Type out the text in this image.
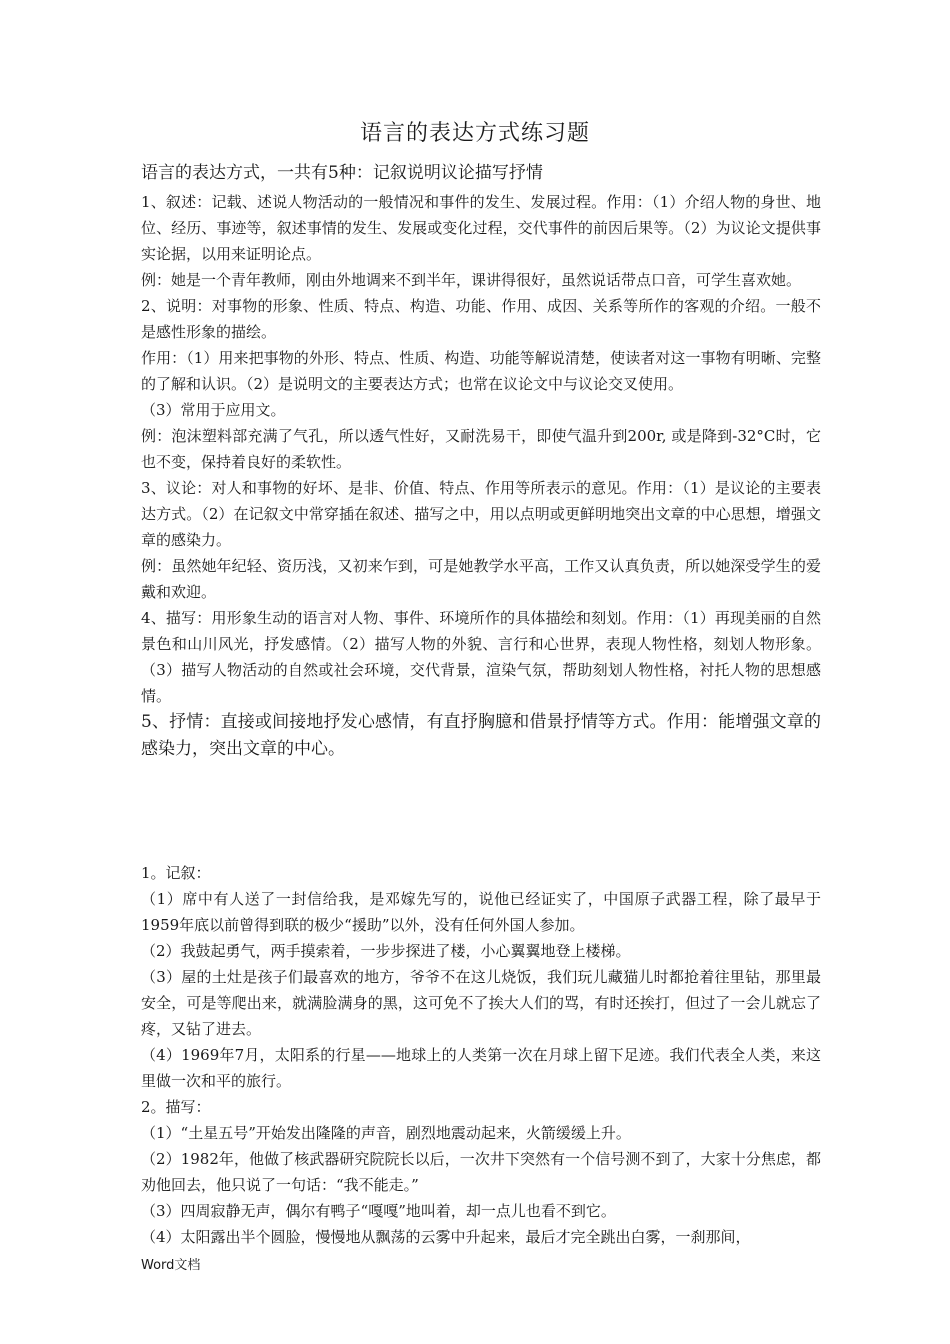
语言的表达方式练习题

语言的表达方式，一共有5种：记叙说明议论描写抒情

1、叙述：记载、述说人物活动的一般情况和事件的发生、发展过程。作用：（1）介绍人物的身世、地位、经历、事迹等，叙述事情的发生、发展或变化过程，交代事件的前因后果等。（2）为议论文提供事实论据，以用来证明论点。

例：她是一个青年教师，刚由外地调来不到半年，课讲得很好，虽然说话带点口音，可学生喜欢她。

2、说明：对事物的形象、性质、特点、构造、功能、作用、成因、关系等所作的客观的介绍。一般不是感性形象的描绘。

作用：（1）用来把事物的外形、特点、性质、构造、功能等解说清楚，使读者对这一事物有明晰、完整的了解和认识。（2）是说明文的主要表达方式；也常在议论文中与议论交叉使用。

（3）常用于应用文。

例：泡沫塑料部充满了气孔，所以透气性好，又耐洗易干，即使气温升到200r, 或是降到-32°C时，它也不变，保持着良好的柔软性。

3、议论：对人和事物的好坏、是非、价值、特点、作用等所表示的意见。作用：（1）是议论的主要表达方式。（2）在记叙文中常穿插在叙述、描写之中，用以点明或更鲜明地突出文章的中心思想，增强文章的感染力。

例：虽然她年纪轻、资历浅，又初来乍到，可是她教学水平高，工作又认真负责，所以她深受学生的爱戴和欢迎。

4、描写：用形象生动的语言对人物、事件、环境所作的具体描绘和刻划。作用：（1）再现美丽的自然景色和山川风光，抒发感情。（2）描写人物的外貌、言行和心世界，表现人物性格，刻划人物形象。（3）描写人物活动的自然或社会环境，交代背景，渲染气氛，帮助刻划人物性格，衬托人物的思想感情。

5、抒情：直接或间接地抒发心感情，有直抒胸臆和借景抒情等方式。作用：能增强文章的感染力，突出文章的中心。

1。记叙：

（1）席中有人送了一封信给我，是邓嫁先写的，说他已经证实了，中国原子武器工程，除了最早于1959年底以前曾得到联的极少“援助”以外，没有任何外国人参加。

（2）我鼓起勇气，两手摸索着，一步步探进了楼，小心翼翼地登上楼梯。

（3）屋的土灶是孩子们最喜欢的地方，爷爷不在这儿烧饭，我们玩儿藏猫儿时都抢着往里钻，那里最安全，可是等爬出来，就满脸满身的黑，这可免不了挨大人们的骂，有时还挨打，但过了一会儿就忘了疼，又钻了进去。

（4）1969年7月，太阳系的行星——地球上的人类第一次在月球上留下足迹。我们代表全人类，来这里做一次和平的旅行。

2。描写：

（1）“土星五号”开始发出隆隆的声音，剧烈地震动起来，火箭缓缓上升。

（2）1982年，他做了核武器研究院院长以后，一次井下突然有一个信号测不到了，大家十分焦虑，都劝他回去，他只说了一句话：“我不能走。”

（3）四周寂静无声，偶尔有鸭子“嘎嘎”地叫着，却一点儿也看不到它。

（4）太阳露出半个圆脸，慢慢地从飘荡的云雾中升起来，最后才完全跳出白雾，一刹那间，

Word文档
